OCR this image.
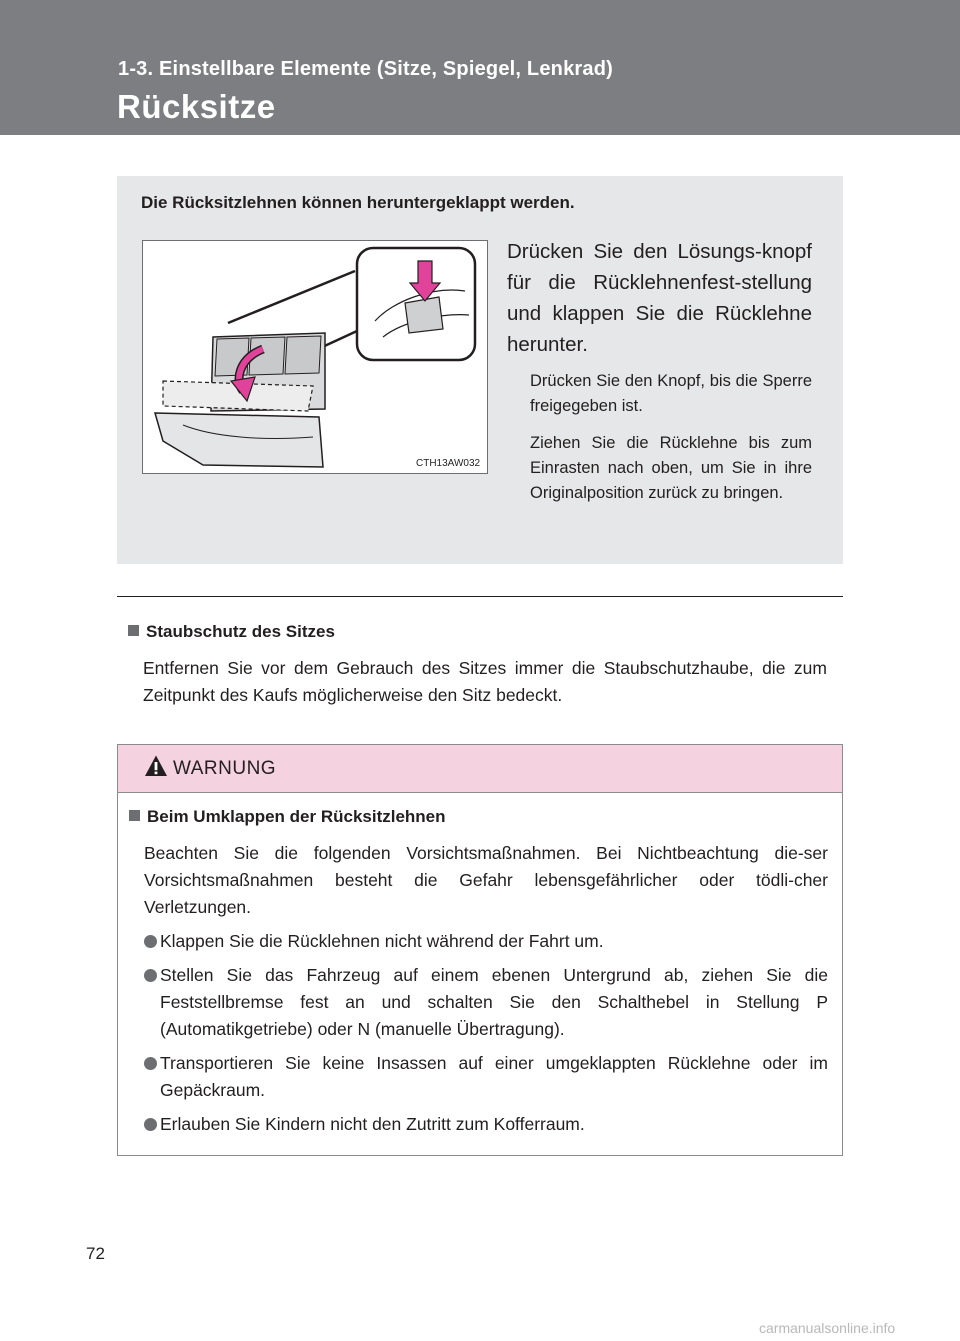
1-3. Einstellbare Elemente (Sitze, Spiegel, Lenkrad)
Rücksitze
Die Rücksitzlehnen können heruntergeklappt werden.
CTH13AW032
Drücken Sie den Lösungs-knopf für die Rücklehnenfest-stellung und klappen Sie die Rücklehne herunter.
Drücken Sie den Knopf, bis die Sperre freigegeben ist.
Ziehen Sie die Rücklehne bis zum Einrasten nach oben, um Sie in ihre Originalposition zurück zu bringen.
Staubschutz des Sitzes
Entfernen Sie vor dem Gebrauch des Sitzes immer die Staubschutzhaube, die zum Zeitpunkt des Kaufs möglicherweise den Sitz bedeckt.
WARNUNG
Beim Umklappen der Rücksitzlehnen
Beachten Sie die folgenden Vorsichtsmaßnahmen. Bei Nichtbeachtung die-ser Vorsichtsmaßnahmen besteht die Gefahr lebensgefährlicher oder tödli-cher Verletzungen.
Klappen Sie die Rücklehnen nicht während der Fahrt um.
Stellen Sie das Fahrzeug auf einem ebenen Untergrund ab, ziehen Sie die Feststellbremse fest an und schalten Sie den Schalthebel in Stellung P (Automatikgetriebe) oder N (manuelle Übertragung).
Transportieren Sie keine Insassen auf einer umgeklappten Rücklehne oder im Gepäckraum.
Erlauben Sie Kindern nicht den Zutritt zum Kofferraum.
72
carmanualsonline.info
